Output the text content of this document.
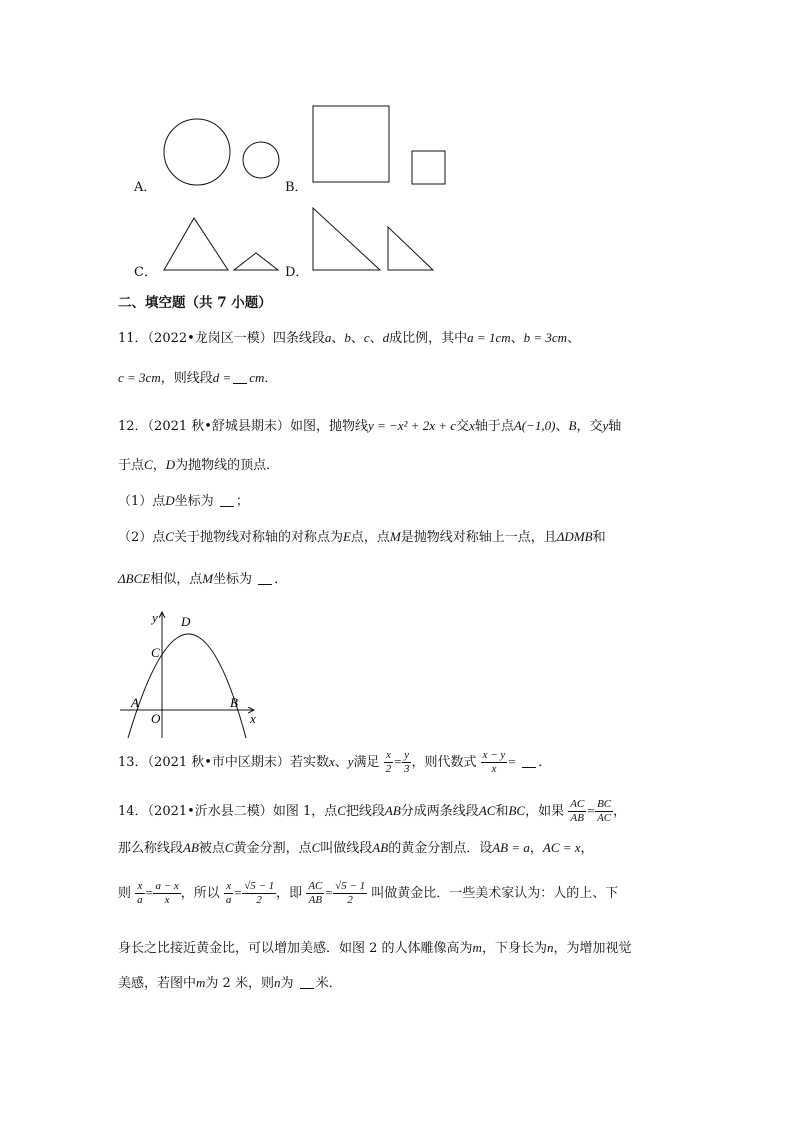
A．	B．
C．	D．
二、填空题（共 7 小题）
11．（2022•龙岗区一模）四条线段a、b、c、d成比例，其中a = 1cm、b = 3cm、
c = 3cm，则线段d = cm．
12．（2021 秋•舒城县期末）如图，抛物线y = −x² + 2x + c交x轴于点A(−1,0)、B，交y轴
于点C，D为抛物线的顶点．
（1）点D坐标为 ；
（2）点C关于抛物线对称轴的对称点为E点，点M是抛物线对称轴上一点，且ΔDMB和
ΔBCE相似，点M坐标为 ．
y D
C
A	B
O	x
13．（2021 秋•市中区期末）若实数x、y满足 $\frac{x}{2} = \frac{y}{3}$ ，则代数式 $\frac{x - y}{x}$ = ．
14．（2021•沂水县二模）如图 1，点C把线段AB分成两条线段AC和BC，如果 $\frac{AC}{AB} = \frac{BC}{AC}$ ，
那么称线段AB被点C黄金分割，点C叫做线段AB的黄金分割点．设AB = a，AC = x，
则 $\frac{x}{a} = \frac{a - x}{x}$ ，所以 $\frac{x}{a} = \frac{√5 - 1}{2}$ ，即 $\frac{AC}{AB} = \frac{√5 - 1}{2}$ 叫做黄金比．一些美术家认为：人的上、下
身长之比接近黄金比，可以增加美感．如图 2 的人体雕像高为m，下身长为n，为增加视觉
美感，若图中m为 2 米，则n为 米．
